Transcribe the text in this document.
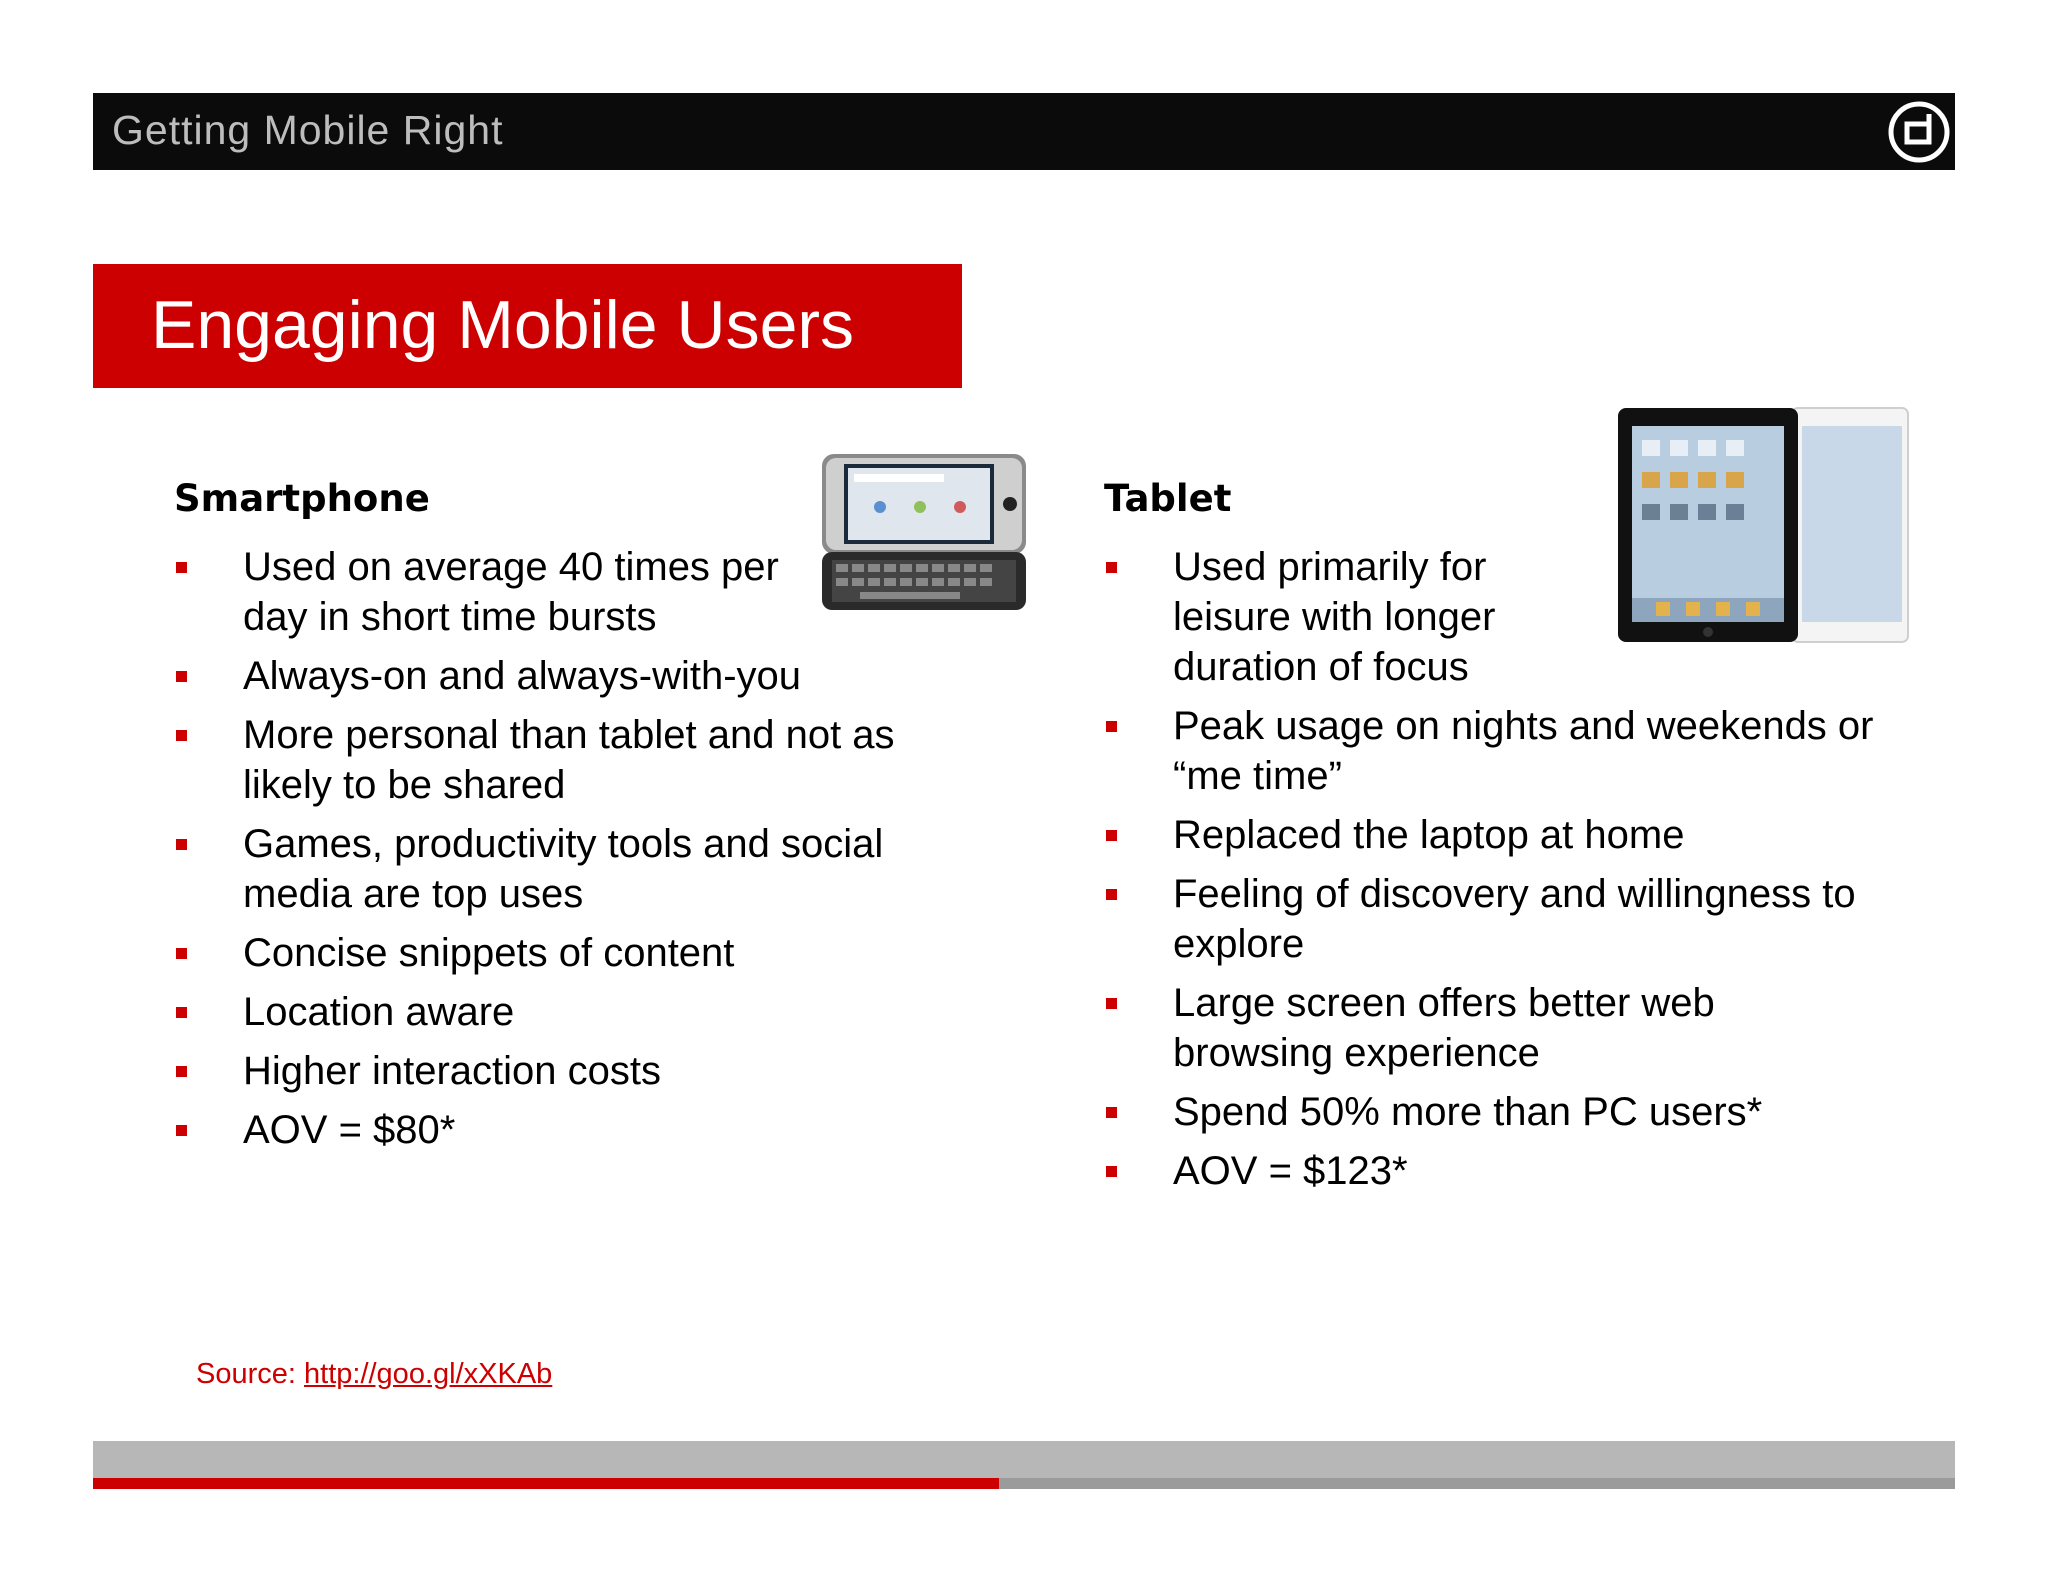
Getting Mobile Right
Engaging Mobile Users
Smartphone
Used on average 40 times per day in short time bursts
Always-on and always-with-you
More personal than tablet and not as likely to be shared
Games, productivity tools and social media are top uses
Concise snippets of content
Location aware
Higher interaction costs
AOV = $80*
Tablet
Used primarily for leisure with longer duration of focus
Peak usage on nights and weekends or “me time”
Replaced the laptop at home
Feeling of discovery and willingness to explore
Large screen offers better web browsing experience
Spend 50% more than PC users*
AOV = $123*
Source: http://goo.gl/xXKAb
